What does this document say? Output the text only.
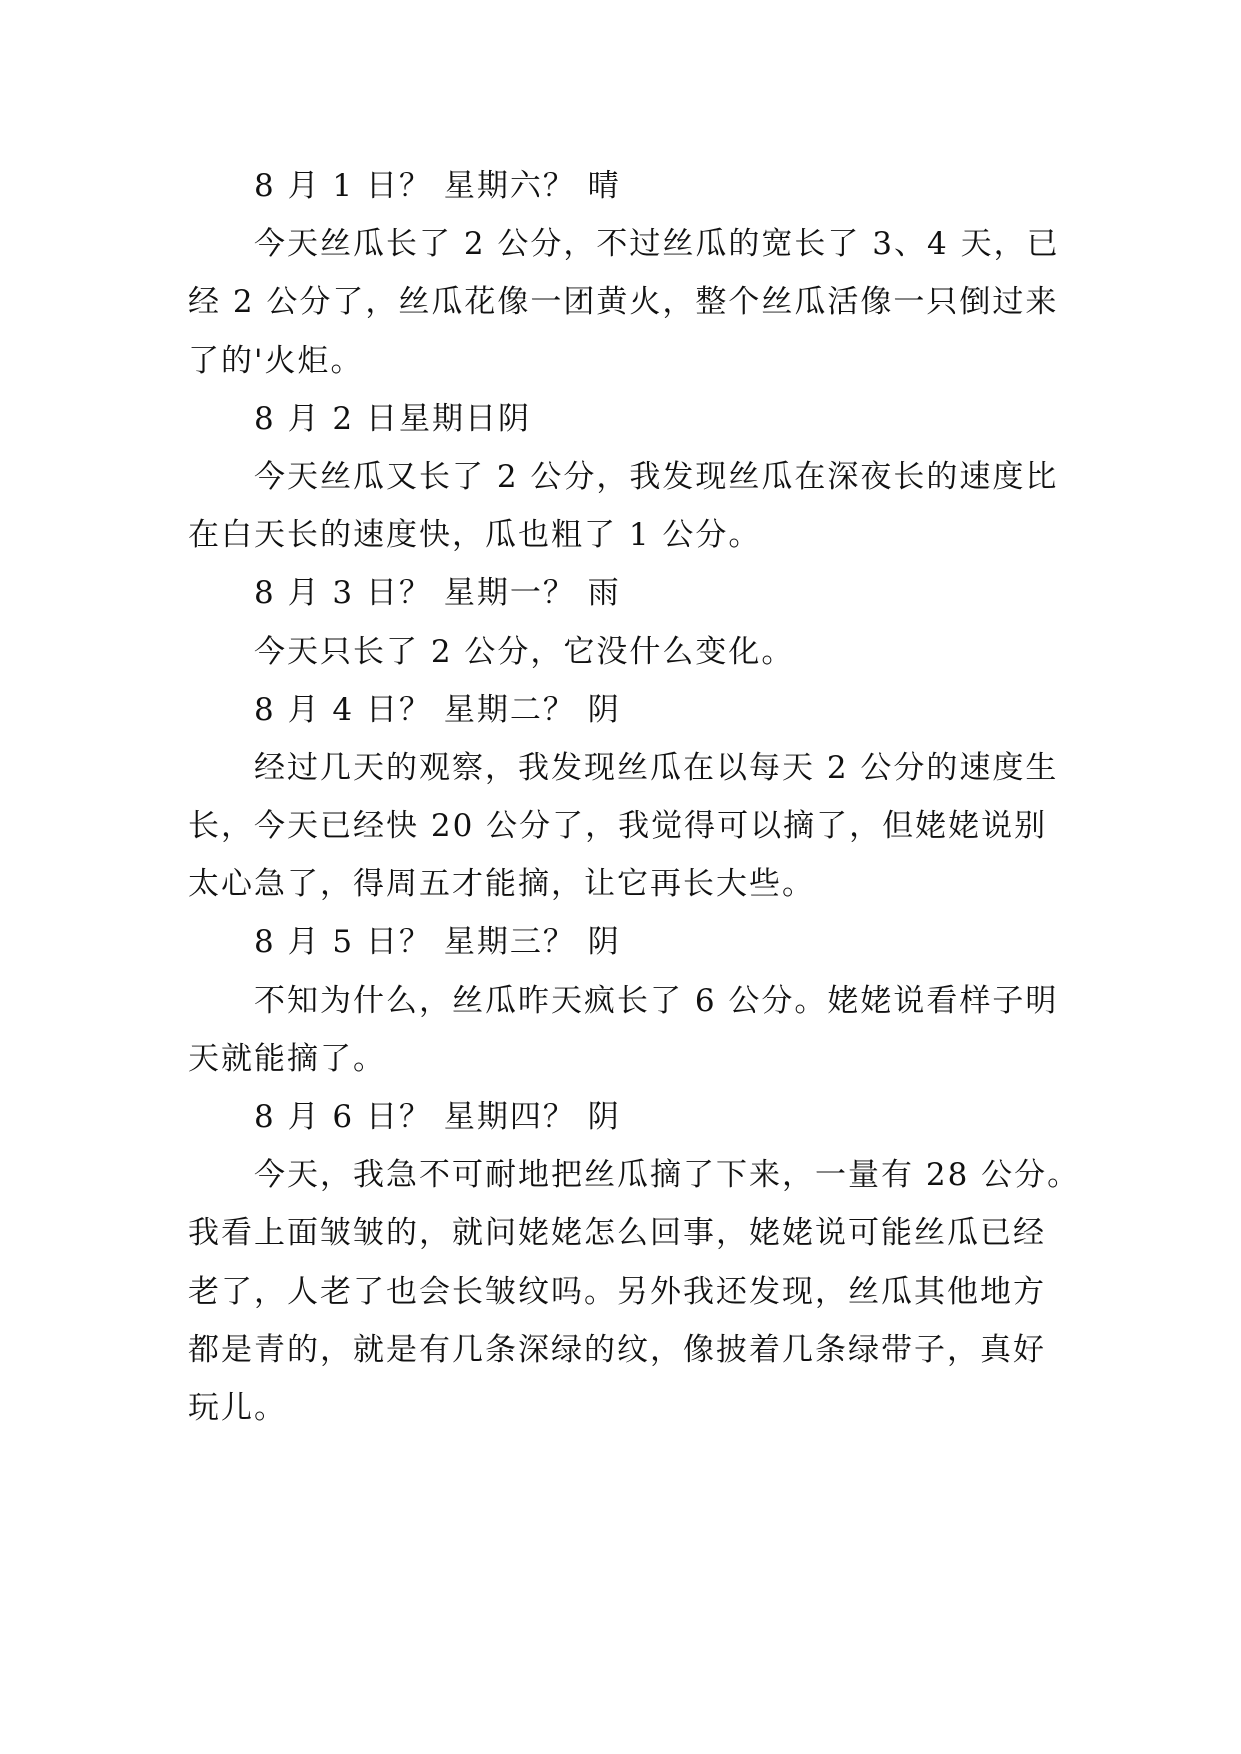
8 月 1 日？ 星期六？ 晴
今天丝瓜长了 2 公分，不过丝瓜的宽长了 3、4 天，已
经 2 公分了，丝瓜花像一团黄火，整个丝瓜活像一只倒过来
了的'火炬。
8 月 2 日星期日阴
今天丝瓜又长了 2 公分，我发现丝瓜在深夜长的速度比
在白天长的速度快，瓜也粗了 1 公分。
8 月 3 日？ 星期一？ 雨
今天只长了 2 公分，它没什么变化。
8 月 4 日？ 星期二？ 阴
经过几天的观察，我发现丝瓜在以每天 2 公分的速度生
长，今天已经快 20 公分了，我觉得可以摘了，但姥姥说别
太心急了，得周五才能摘，让它再长大些。
8 月 5 日？ 星期三？ 阴
不知为什么，丝瓜昨天疯长了 6 公分。姥姥说看样子明
天就能摘了。
8 月 6 日？ 星期四？ 阴
今天，我急不可耐地把丝瓜摘了下来，一量有 28 公分。
我看上面皱皱的，就问姥姥怎么回事，姥姥说可能丝瓜已经
老了，人老了也会长皱纹吗。另外我还发现，丝瓜其他地方
都是青的，就是有几条深绿的纹，像披着几条绿带子，真好
玩儿。
